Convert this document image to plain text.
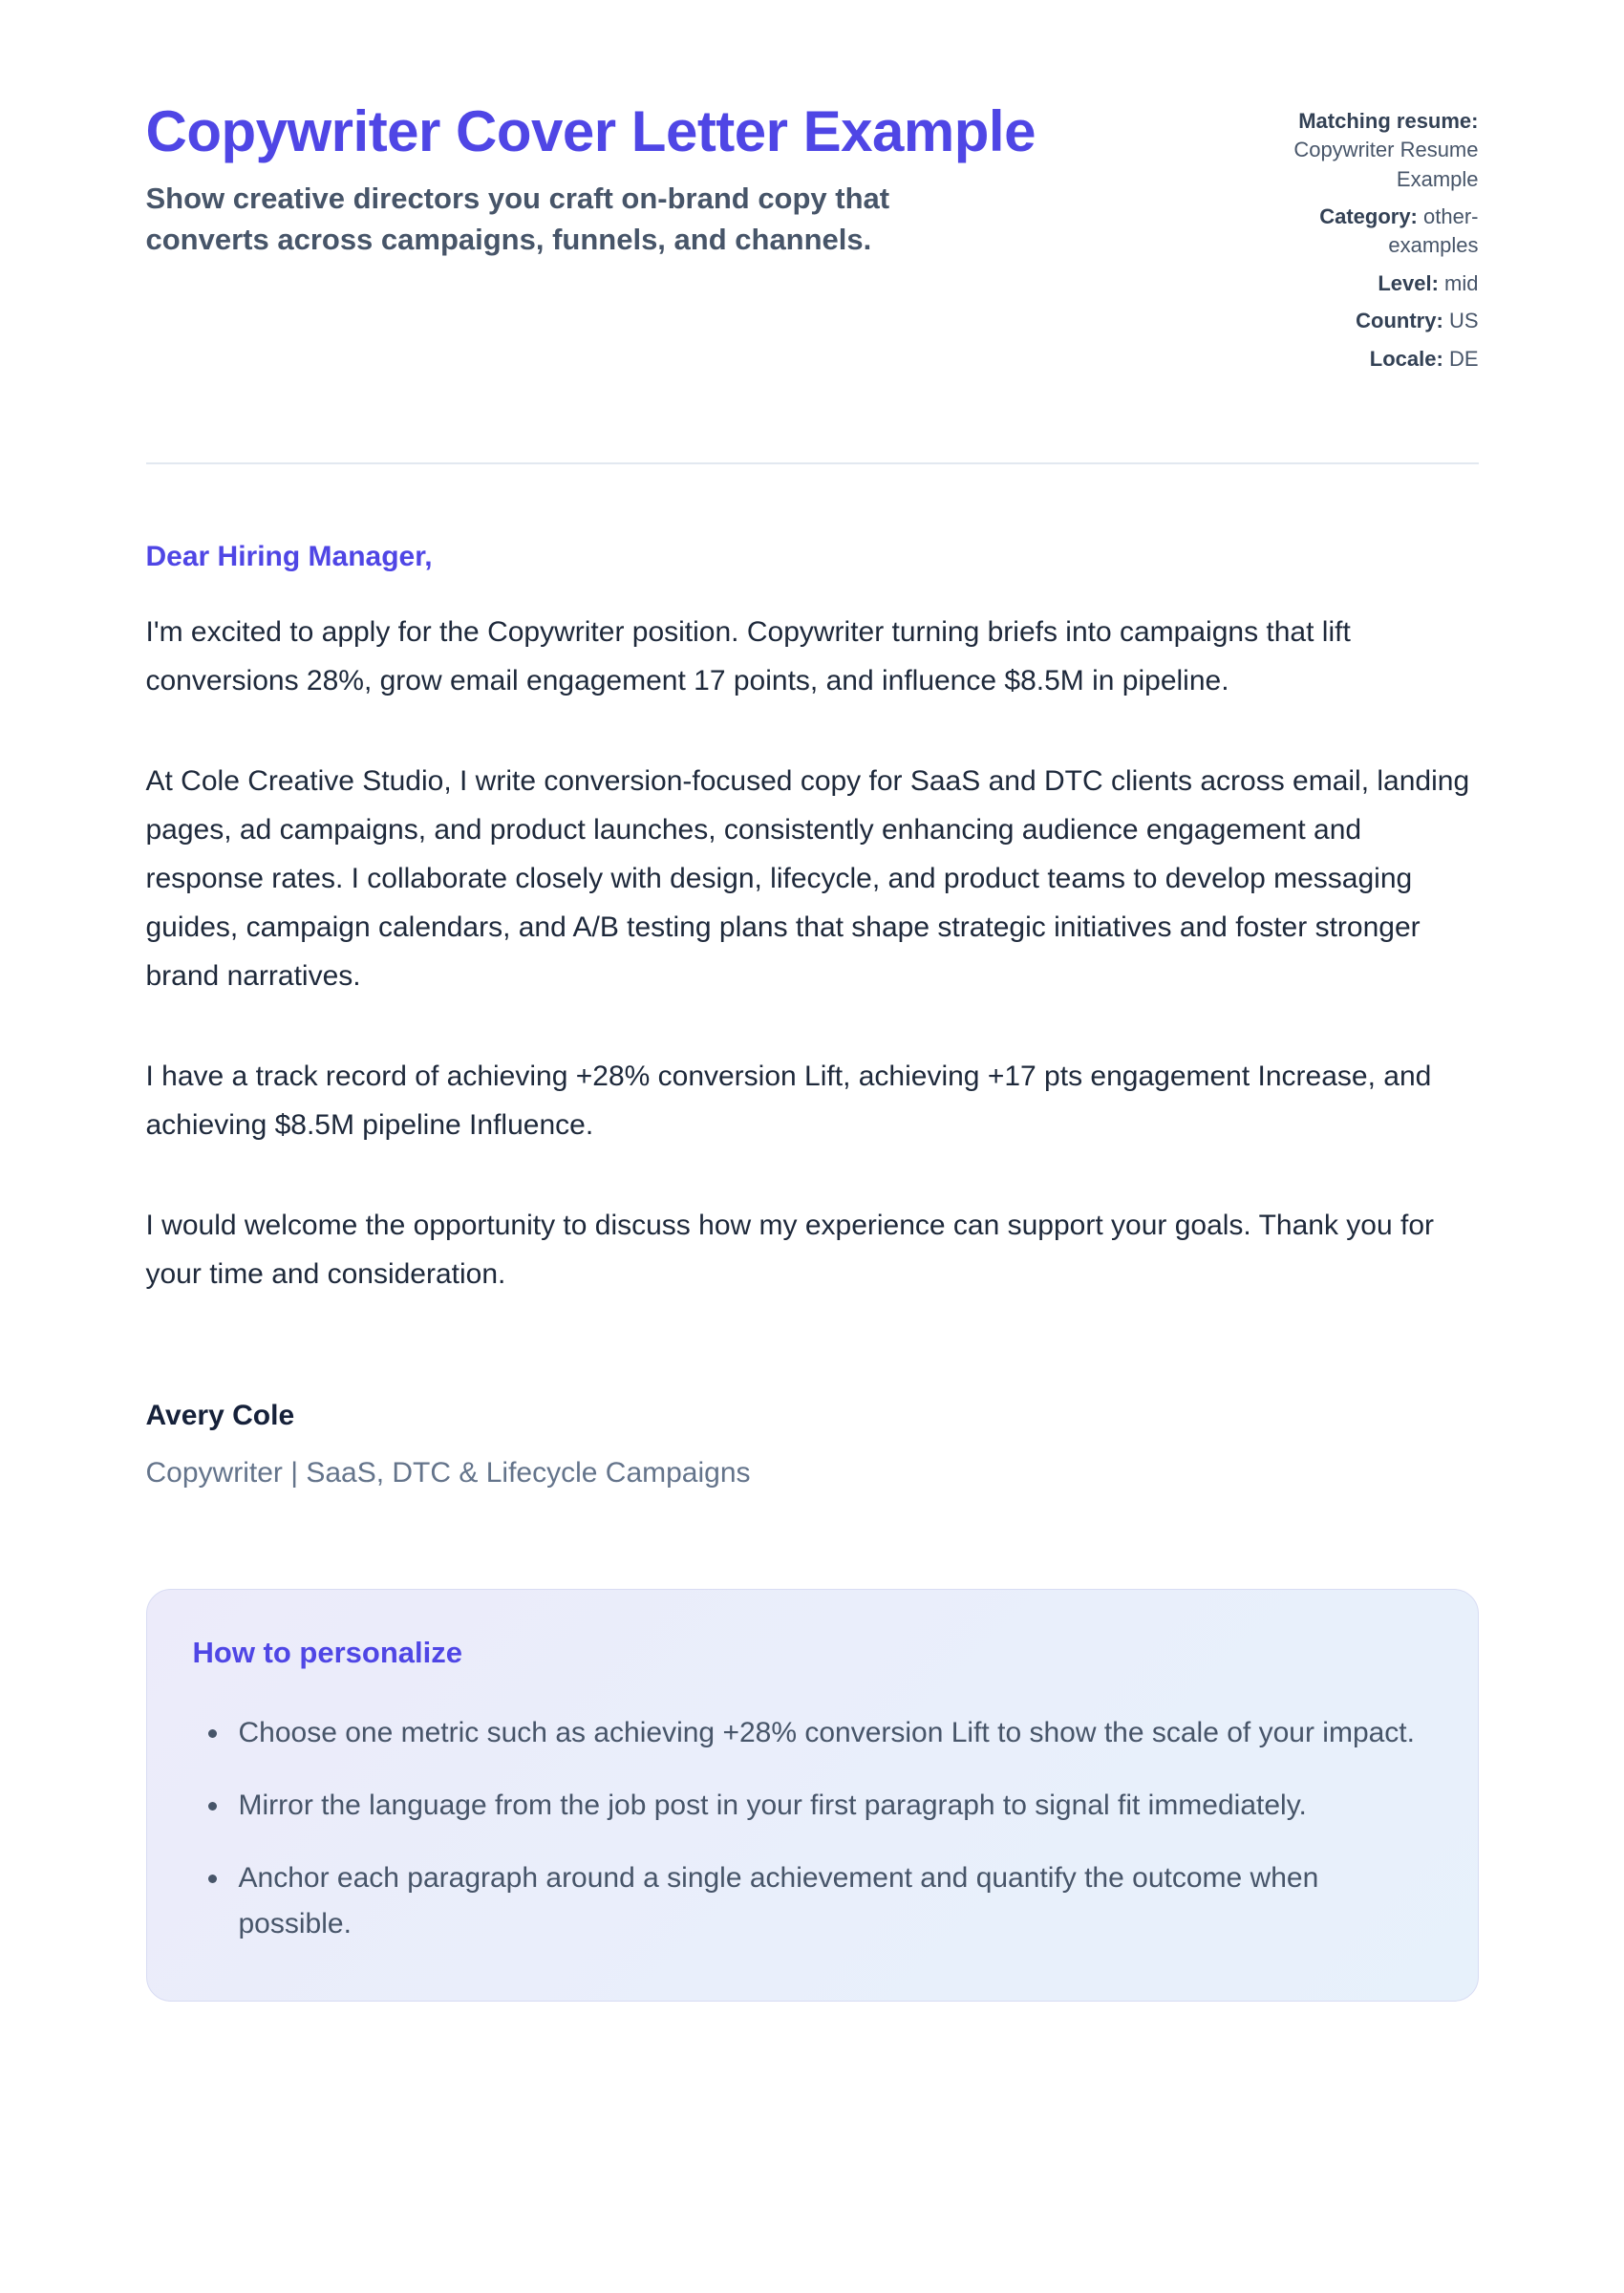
Copywriter Cover Letter Example

Show creative directors you craft on-brand copy that converts across campaigns, funnels, and channels.

Matching resume: Copywriter Resume Example
Category: other-examples
Level: mid
Country: US
Locale: DE

Dear Hiring Manager,

I'm excited to apply for the Copywriter position. Copywriter turning briefs into campaigns that lift conversions 28%, grow email engagement 17 points, and influence $8.5M in pipeline.

At Cole Creative Studio, I write conversion-focused copy for SaaS and DTC clients across email, landing pages, ad campaigns, and product launches, consistently enhancing audience engagement and response rates. I collaborate closely with design, lifecycle, and product teams to develop messaging guides, campaign calendars, and A/B testing plans that shape strategic initiatives and foster stronger brand narratives.

I have a track record of achieving +28% conversion Lift, achieving +17 pts engagement Increase, and achieving $8.5M pipeline Influence.

I would welcome the opportunity to discuss how my experience can support your goals. Thank you for your time and consideration.

Avery Cole

Copywriter | SaaS, DTC & Lifecycle Campaigns

How to personalize
• Choose one metric such as achieving +28% conversion Lift to show the scale of your impact.
• Mirror the language from the job post in your first paragraph to signal fit immediately.
• Anchor each paragraph around a single achievement and quantify the outcome when possible.
